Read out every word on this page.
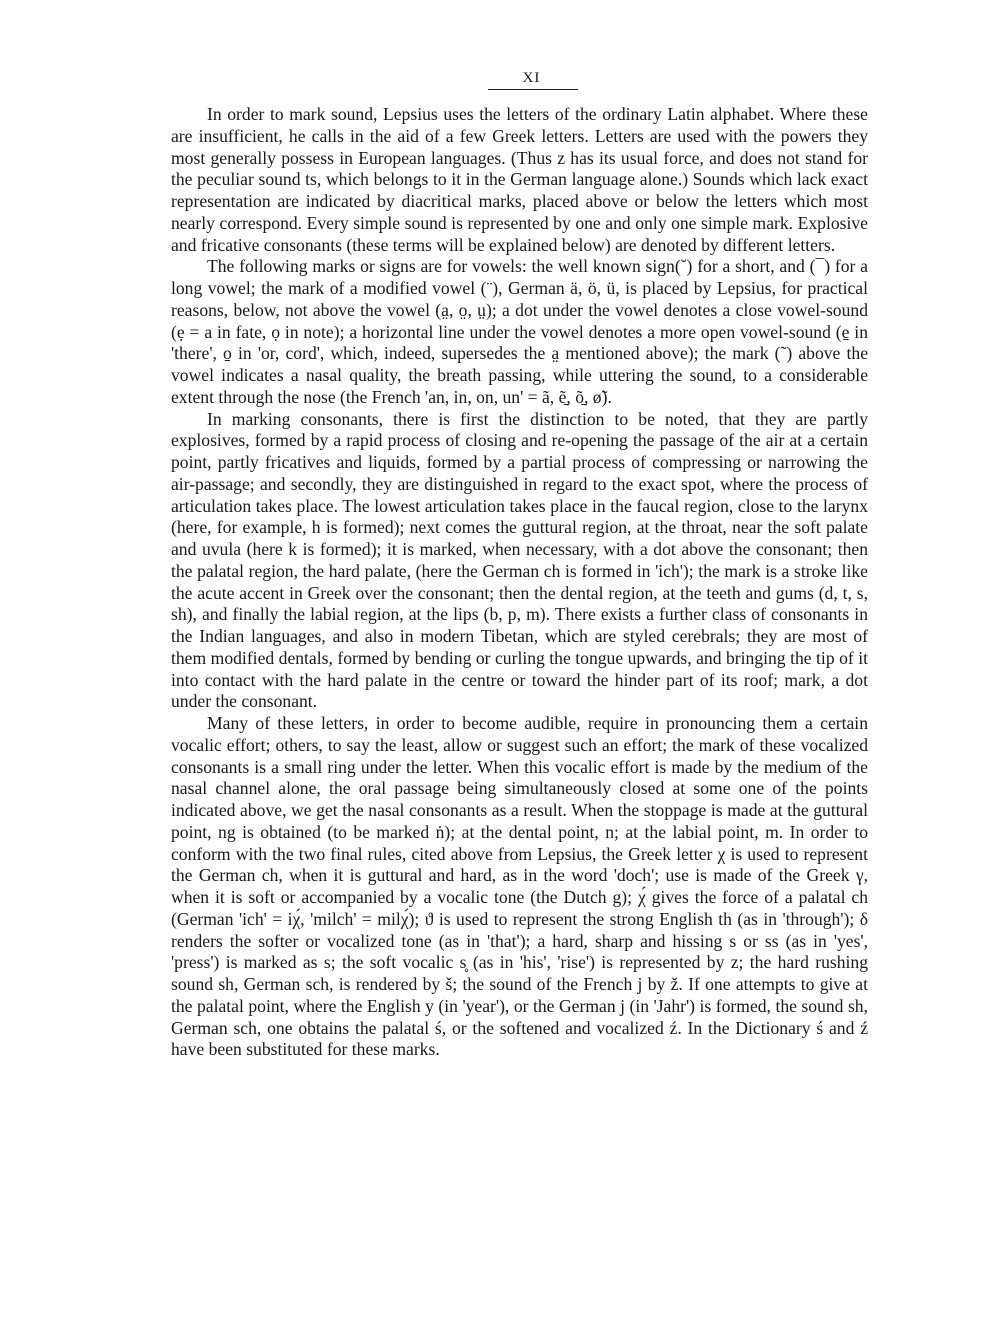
XI

In order to mark sound, Lepsius uses the letters of the ordinary Latin alphabet. Where these are insufficient, he calls in the aid of a few Greek letters. Letters are used with the powers they most generally possess in European languages. (Thus z has its usual force, and does not stand for the peculiar sound ts, which belongs to it in the German language alone.) Sounds which lack exact representation are indicated by diacritical marks, placed above or below the letters which most nearly correspond. Every simple sound is represented by one and only one simple mark. Explosive and fricative consonants (these terms will be explained below) are denoted by different letters.

The following marks or signs are for vowels: the well known sign(˘) for a short, and (¯) for a long vowel; the mark of a modified vowel (¨), German ä, ö, ü, is placed by Lepsius, for practical reasons, below, not above the vowel (a̤, o̤, ṳ); a dot under the vowel denotes a close vowel-sound (ẹ = a in fate, ọ in note); a horizontal line under the vowel denotes a more open vowel-sound (e̱ in 'there', o̱ in 'or, cord', which, indeed, supersedes the a̤ mentioned above); the mark (˜) above the vowel indicates a nasal quality, the breath passing, while uttering the sound, to a considerable extent through the nose (the French 'an, in, on, un' = ã, ẽ̱, õ̱, ø̃).

In marking consonants, there is first the distinction to be noted, that they are partly explosives, formed by a rapid process of closing and re-opening the passage of the air at a certain point, partly fricatives and liquids, formed by a partial process of compressing or narrowing the air-passage; and secondly, they are distinguished in regard to the exact spot, where the process of articulation takes place. The lowest articulation takes place in the faucal region, close to the larynx (here, for example, h is formed); next comes the guttural region, at the throat, near the soft palate and uvula (here k is formed); it is marked, when necessary, with a dot above the consonant; then the palatal region, the hard palate, (here the German ch is formed in 'ich'); the mark is a stroke like the acute accent in Greek over the consonant; then the dental region, at the teeth and gums (d, t, s, sh), and finally the labial region, at the lips (b, p, m). There exists a further class of consonants in the Indian languages, and also in modern Tibetan, which are styled cerebrals; they are most of them modified dentals, formed by bending or curling the tongue upwards, and bringing the tip of it into contact with the hard palate in the centre or toward the hinder part of its roof; mark, a dot under the consonant.

Many of these letters, in order to become audible, require in pronouncing them a certain vocalic effort; others, to say the least, allow or suggest such an effort; the mark of these vocalized consonants is a small ring under the letter. When this vocalic effort is made by the medium of the nasal channel alone, the oral passage being simultaneously closed at some one of the points indicated above, we get the nasal consonants as a result. When the stoppage is made at the guttural point, ng is obtained (to be marked ṅ); at the dental point, n; at the labial point, m. In order to conform with the two final rules, cited above from Lepsius, the Greek letter χ is used to represent the German ch, when it is guttural and hard, as in the word 'doch'; use is made of the Greek γ, when it is soft or accompanied by a vocalic tone (the Dutch g); χ́ gives the force of a palatal ch (German 'ich' = iχ́, 'milch' = milχ́); ϑ is used to represent the strong English th (as in 'through'); δ renders the softer or vocalized tone (as in 'that'); a hard, sharp and hissing s or ss (as in 'yes', 'press') is marked as s; the soft vocalic s̥ (as in 'his', 'rise') is represented by z; the hard rushing sound sh, German sch, is rendered by š; the sound of the French j by ž. If one attempts to give at the palatal point, where the English y (in 'year'), or the German j (in 'Jahr') is formed, the sound sh, German sch, one obtains the palatal ś, or the softened and vocalized ź. In the Dictionary ś and ź have been substituted for these marks.
